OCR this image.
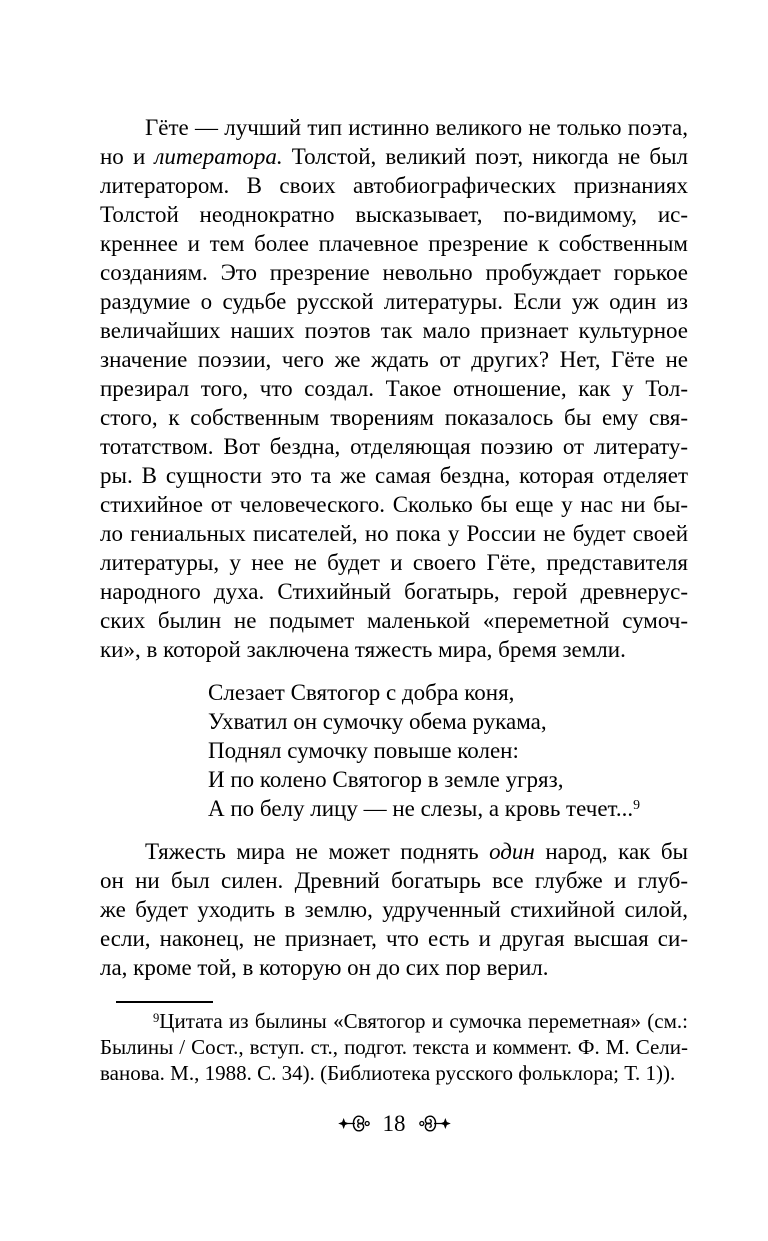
Гёте — лучший тип истинно великого не только поэта,
но и литератора. Толстой, великий поэт, никогда не был
литератором. В своих автобиографических признаниях
Толстой неоднократно высказывает, по-видимому, ис-
креннее и тем более плачевное презрение к собственным
созданиям. Это презрение невольно пробуждает горькое
раздумие о судьбе русской литературы. Если уж один из
величайших наших поэтов так мало признает культурное
значение поэзии, чего же ждать от других? Нет, Гёте не
презирал того, что создал. Такое отношение, как у Тол-
стого, к собственным творениям показалось бы ему свя-
тотатством. Вот бездна, отделяющая поэзию от литерату-
ры. В сущности это та же самая бездна, которая отделяет
стихийное от человеческого. Сколько бы еще у нас ни бы-
ло гениальных писателей, но пока у России не будет своей
литературы, у нее не будет и своего Гёте, представителя
народного духа. Стихийный богатырь, герой древнерус-
ских былин не подымет маленькой «переметной сумоч-
ки», в которой заключена тяжесть мира, бремя земли.
Слезает Святогор с добра коня,
Ухватил он сумочку обема рукама,
Поднял сумочку повыше колен:
И по колено Святогор в земле угряз,
А по белу лицу — не слезы, а кровь течет...$^9$
Тяжесть мира не может поднять один народ, как бы
он ни был силен. Древний богатырь все глубже и глуб-
же будет уходить в землю, удрученный стихийной силой,
если, наконец, не признает, что есть и другая высшая си-
ла, кроме той, в которую он до сих пор верил.
$^9$Цитата из былины «Святогор и сумочка переметная» (см.:
Былины / Сост., вступ. ст., подгот. текста и коммент. Ф. М. Сели-
ванова. М., 1988. С. 34). (Библиотека русского фольклора; Т. 1)).
18
